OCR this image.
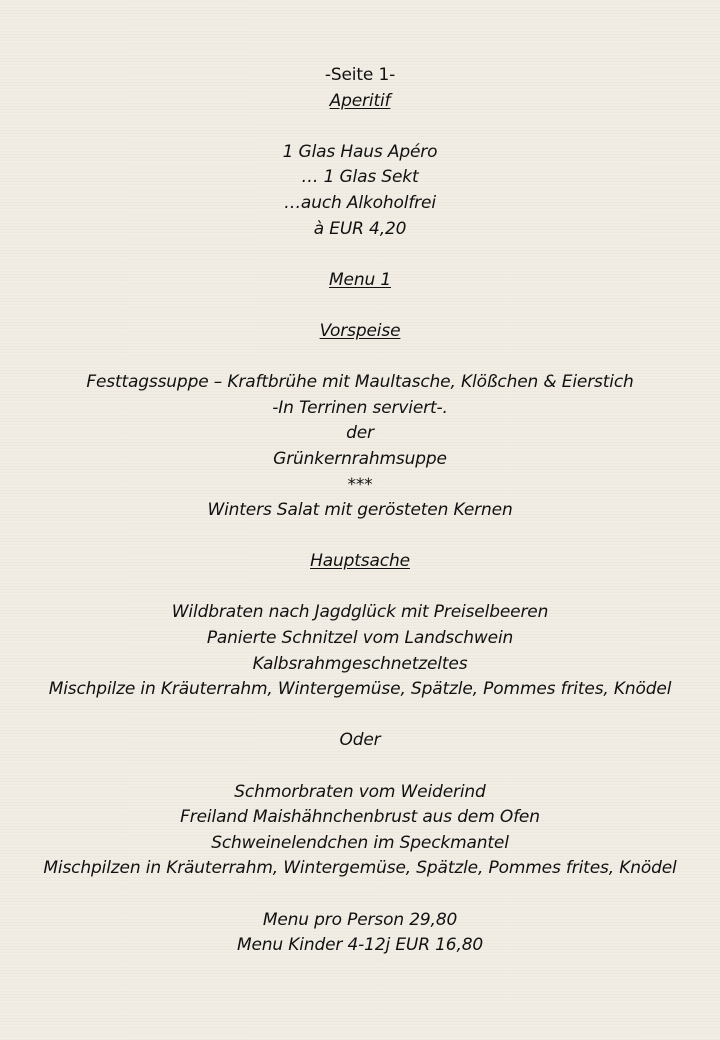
-Seite 1-
Aperitif
1 Glas Haus Apéro
… 1 Glas Sekt
…auch Alkoholfrei
à EUR 4,20
Menu 1
Vorspeise
Festtagssuppe – Kraftbrühe mit Maultasche, Klößchen & Eierstich
-In Terrinen serviert-.
der
Grünkernrahmsuppe
***
Winters Salat mit gerösteten Kernen
Hauptsache
Wildbraten nach Jagdglück mit Preiselbeeren
Panierte Schnitzel vom Landschwein
Kalbsrahmgeschnetzeltes
Mischpilze in Kräuterrahm, Wintergemüse, Spätzle, Pommes frites, Knödel
Oder
Schmorbraten vom Weiderind
Freiland Maishähnchenbrust aus dem Ofen
Schweinelendchen im Speckmantel
Mischpilzen in Kräuterrahm, Wintergemüse, Spätzle, Pommes frites, Knödel
Menu pro Person 29,80
Menu Kinder 4-12j EUR 16,80
